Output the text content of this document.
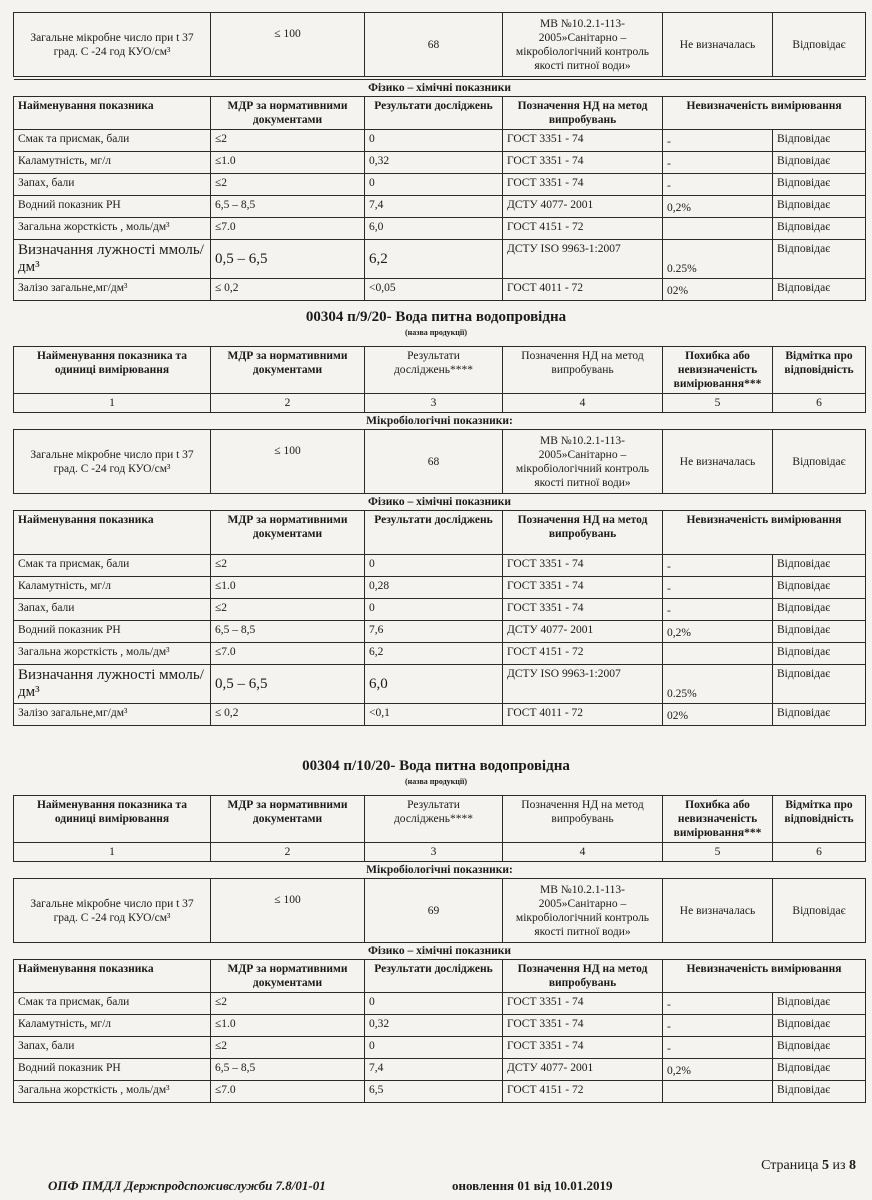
Загальне мікробне число при t 37 град. С -24 год КУО/см³	≤ 100	68	МВ №10.2.1-113-2005»Санітарно – мікробіологічний контроль якості питної води»	Не визначалась	Відповідає
Фізико – хімічні показники					
Найменування показника	МДР за нормативними документами	Результати досліджень	Позначення НД на метод випробувань	Невизначеність вимірювання	
Смак та присмак, бали	≤2	0	ГОСТ 3351 - 74	-	Відповідає
Каламутність, мг/л	≤1.0	0,32	ГОСТ 3351 - 74	-	Відповідає
Запах, бали	≤2	0	ГОСТ 3351 - 74	-	Відповідає
Водний показник РН	6,5 – 8,5	7,4	ДСТУ 4077- 2001	0,2%	Відповідає
Загальна жорсткість , моль/дм³	≤7.0	6,0	ГОСТ 4151 - 72		Відповідає
Визначання лужності ммоль/дм³	0,5 – 6,5	6,2	ДСТУ ISO 9963-1:2007	0.25%	Відповідає
Залізо загальне,мг/дм³	≤ 0,2	<0,05	ГОСТ 4011 - 72	02%	Відповідає
00304 п/9/20- Вода питна водопровідна
(назва продукції)
Найменування показника та одиниці вимірювання	МДР за нормативними документами	Результати досліджень****	Позначення НД на метод випробувань	Похибка або невизначеність вимірювання***	Відмітка про відповідність
1	2	3	4	5	6
Мікробіологічні показники:					
Загальне мікробне число при t 37 град. С -24 год КУО/см³	≤ 100	68	МВ №10.2.1-113-2005»Санітарно – мікробіологічний контроль якості питної води»	Не визначалась	Відповідає
Фізико – хімічні показники					
Найменування показника	МДР за нормативними документами	Результати досліджень	Позначення НД на метод випробувань	Невизначеність вимірювання	
Смак та присмак, бали	≤2	0	ГОСТ 3351 - 74	-	Відповідає
Каламутність, мг/л	≤1.0	0,28	ГОСТ 3351 - 74	-	Відповідає
Запах, бали	≤2	0	ГОСТ 3351 - 74	-	Відповідає
Водний показник РН	6,5 – 8,5	7,6	ДСТУ 4077- 2001	0,2%	Відповідає
Загальна жорсткість , моль/дм³	≤7.0	6,2	ГОСТ 4151 - 72		Відповідає
Визначання лужності ммоль/дм³	0,5 – 6,5	6,0	ДСТУ ISO 9963-1:2007	0.25%	Відповідає
Залізо загальне,мг/дм³	≤ 0,2	<0,1	ГОСТ 4011 - 72	02%	Відповідає
00304 п/10/20- Вода питна водопровідна
(назва продукції)
Найменування показника та одиниці вимірювання	МДР за нормативними документами	Результати досліджень****	Позначення НД на метод випробувань	Похибка або невизначеність вимірювання***	Відмітка про відповідність
1	2	3	4	5	6
Мікробіологічні показники:					
Загальне мікробне число при t 37 град. С -24 год КУО/см³	≤ 100	69	МВ №10.2.1-113-2005»Санітарно – мікробіологічний контроль якості питної води»	Не визначалась	Відповідає
Фізико – хімічні показники					
Найменування показника	МДР за нормативними документами	Результати досліджень	Позначення НД на метод випробувань	Невизначеність вимірювання	
Смак та присмак, бали	≤2	0	ГОСТ 3351 - 74	-	Відповідає
Каламутність, мг/л	≤1.0	0,32	ГОСТ 3351 - 74	-	Відповідає
Запах, бали	≤2	0	ГОСТ 3351 - 74	-	Відповідає
Водний показник РН	6,5 – 8,5	7,4	ДСТУ 4077- 2001	0,2%	Відповідає
Загальна жорсткість , моль/дм³	≤7.0	6,5	ГОСТ 4151 - 72		Відповідає
Страница 5 из 8
ОПФ ПМДЛ Держпродспоживслужби 7.8/01-01	оновлення 01 від 10.01.2019
